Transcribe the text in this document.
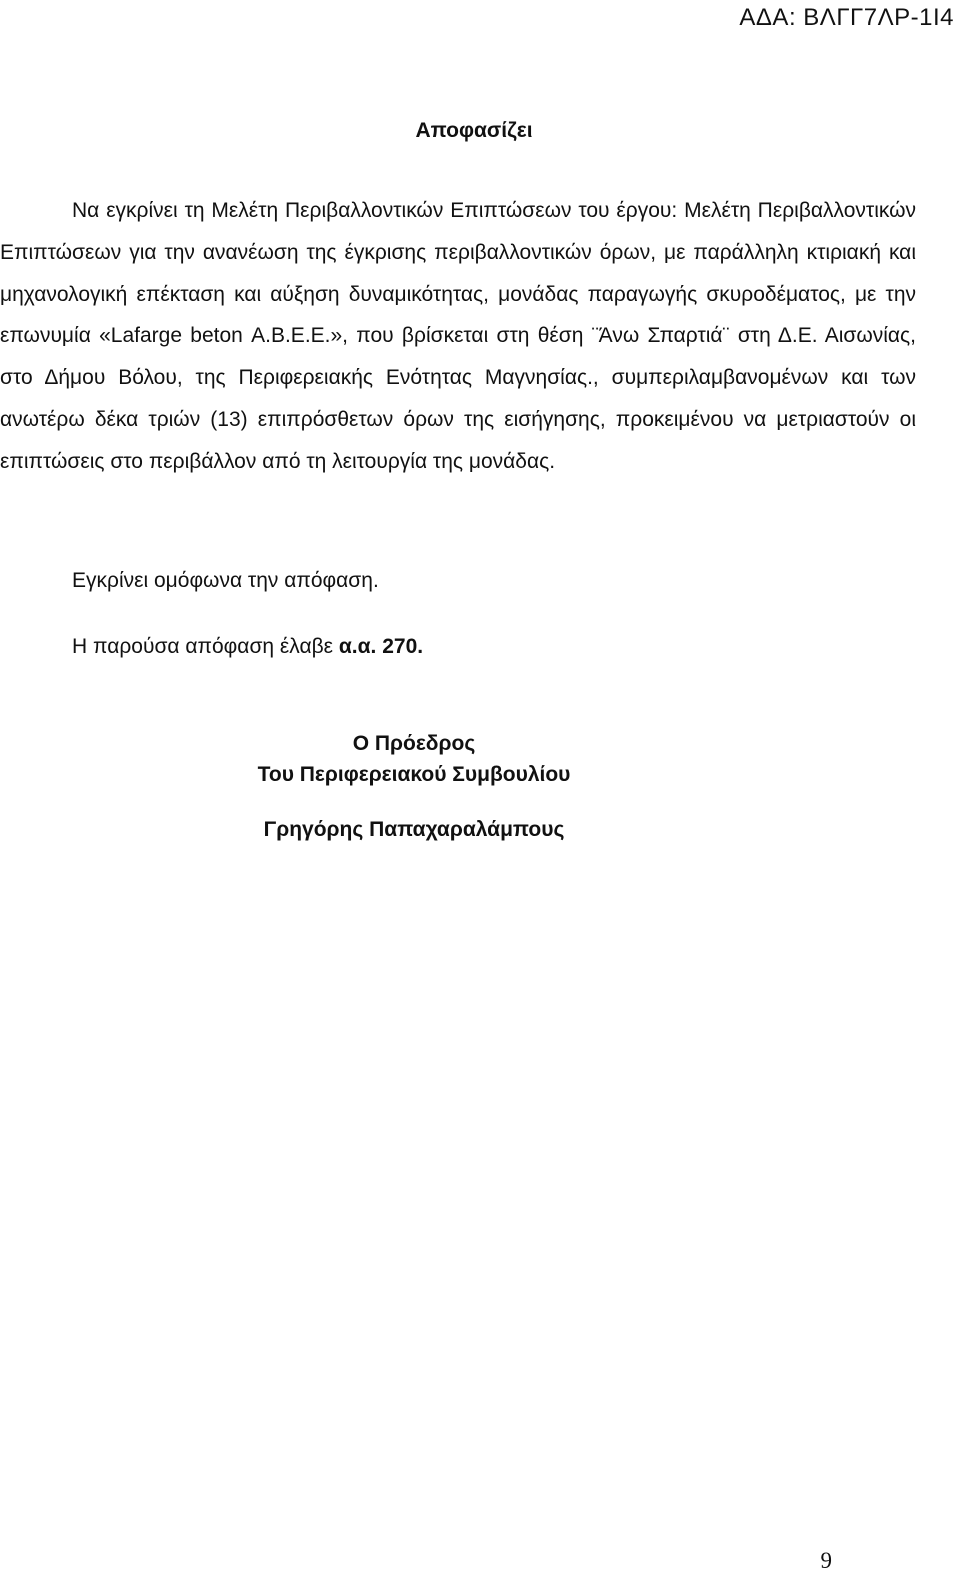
ΑΔΑ: ΒΛΓΓ7ΛΡ-1Ι4
Αποφασίζει

Να εγκρίνει τη Μελέτη Περιβαλλοντικών Επιπτώσεων του έργου: Μελέτη Περιβαλλοντικών Επιπτώσεων για την ανανέωση της έγκρισης περιβαλλοντικών όρων, με παράλληλη κτιριακή και μηχανολογική επέκταση και αύξηση δυναμικότητας, μονάδας παραγωγής σκυροδέματος, με την επωνυμία «Lafarge beton Α.Β.Ε.Ε.», που βρίσκεται στη θέση ¨Άνω Σπαρτιά¨ στη Δ.Ε. Αισωνίας, στο Δήμου Βόλου, της Περιφερειακής Ενότητας Μαγνησίας., συμπεριλαμβανομένων και των ανωτέρω δέκα τριών (13) επιπρόσθετων όρων της εισήγησης, προκειμένου να μετριαστούν οι επιπτώσεις στο περιβάλλον από τη λειτουργία της μονάδας.

Εγκρίνει ομόφωνα την απόφαση.
Η παρούσα απόφαση έλαβε α.α. 270.
Ο Πρόεδρος
Του Περιφερειακού Συμβουλίου
Γρηγόρης Παπαχαραλάμπους
9
